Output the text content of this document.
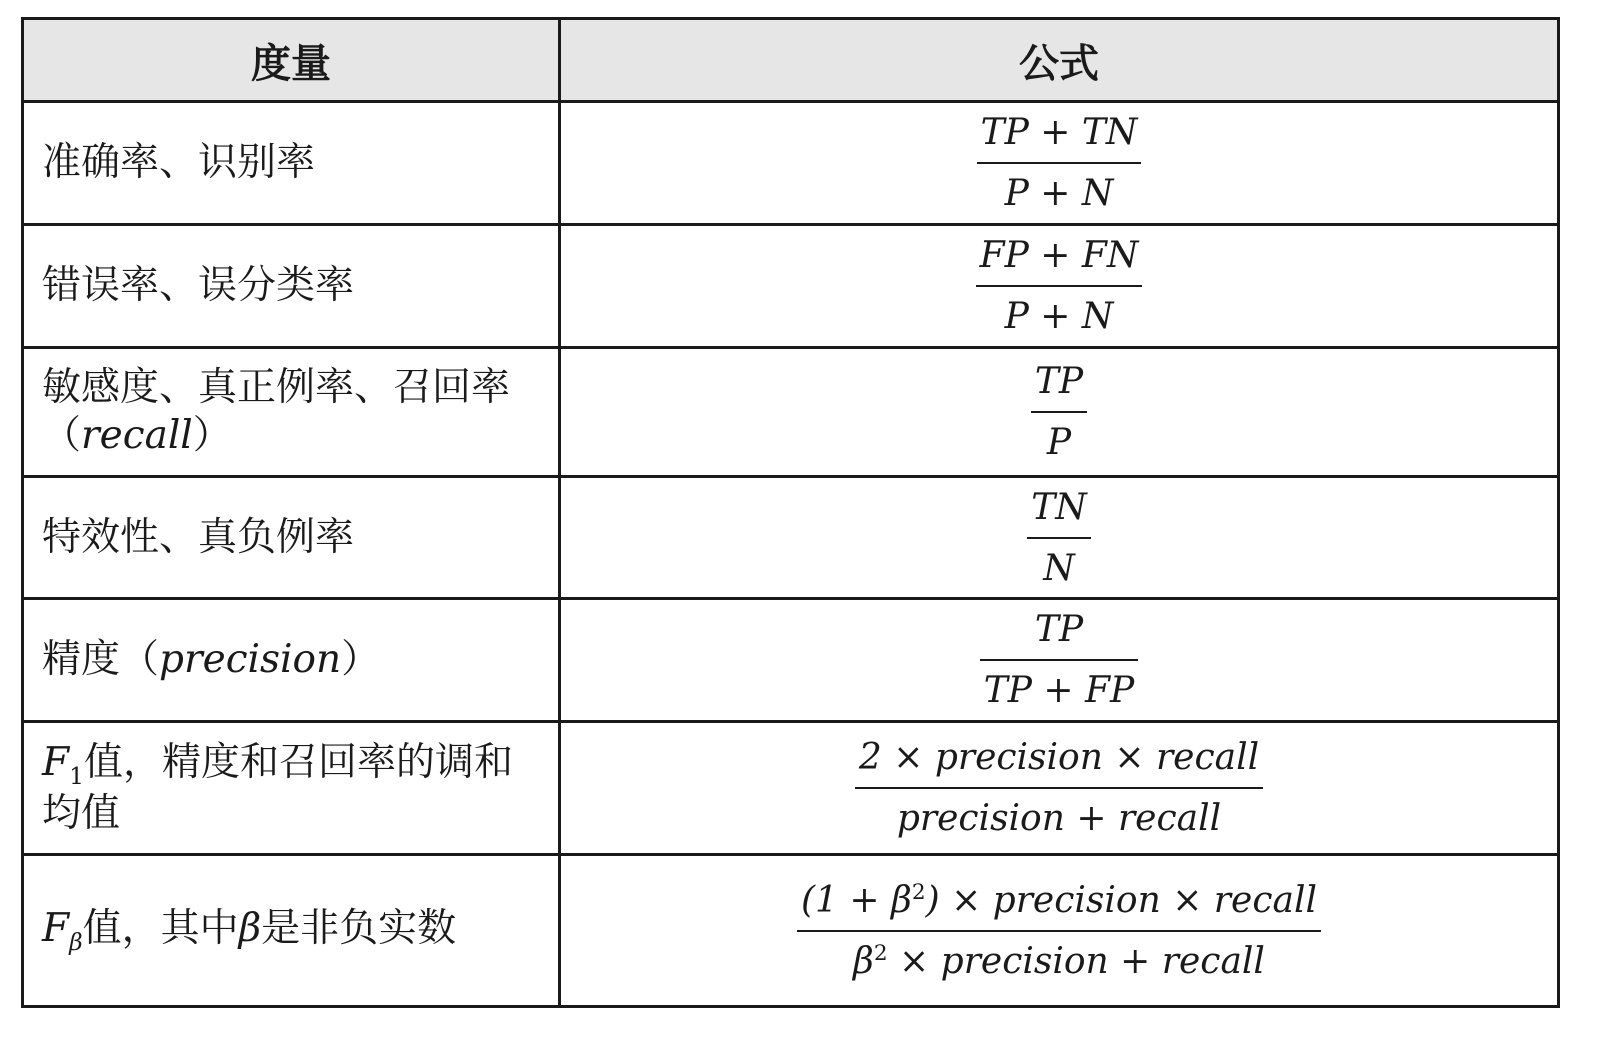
度量	公式
准确率、识别率	$\frac{TP + TN}{P + N}$

错误率、误分类率	$\frac{FP + FN}{P + N}$

敏感度、真正例率、召回率（recall）	$\frac{TP}{P}$

特效性、真负例率	$\frac{TN}{N}$

精度（precision）	$\frac{TP}{TP + FP}$

$F_1$值，精度和召回率的调和均值	$\frac{\text{2 × precision × recall}}{\text{precision + recall}}$

$F_\beta$值，其中β是非负实数	$\frac{(1 + \beta^2) \times precision \times recall}{\beta^2 \times precision + recall}$
